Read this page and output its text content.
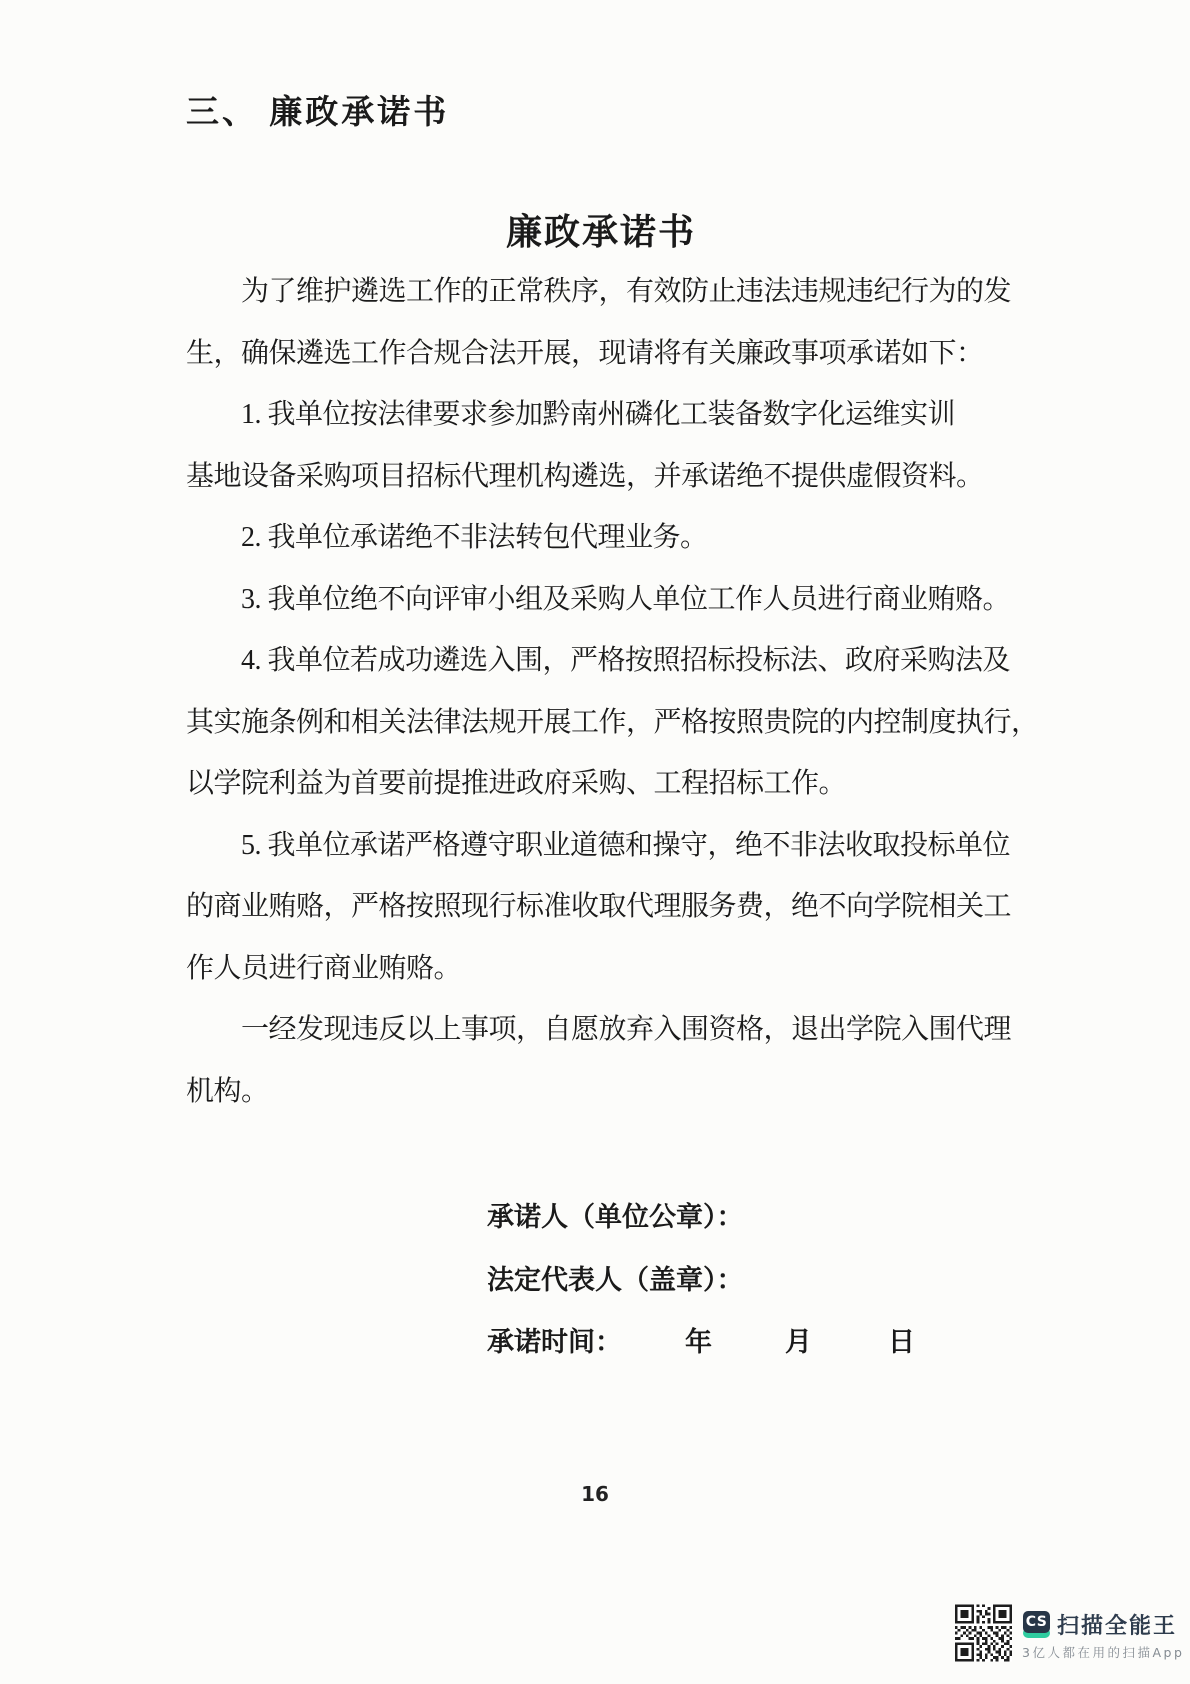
三、 廉政承诺书
廉政承诺书
　　为了维护遴选工作的正常秩序，有效防止违法违规违纪行为的发
生，确保遴选工作合规合法开展，现请将有关廉政事项承诺如下：
　　1. 我单位按法律要求参加黔南州磷化工装备数字化运维实训
基地设备采购项目招标代理机构遴选，并承诺绝不提供虚假资料。
　　2. 我单位承诺绝不非法转包代理业务。
　　3. 我单位绝不向评审小组及采购人单位工作人员进行商业贿赂。
　　4. 我单位若成功遴选入围，严格按照招标投标法、政府采购法及
其实施条例和相关法律法规开展工作，严格按照贵院的内控制度执行，
以学院利益为首要前提推进政府采购、工程招标工作。
　　5. 我单位承诺严格遵守职业道德和操守，绝不非法收取投标单位
的商业贿赂，严格按照现行标准收取代理服务费，绝不向学院相关工
作人员进行商业贿赂。
　　一经发现违反以上事项，自愿放弃入围资格，退出学院入围代理
机构。
承诺人（单位公章）：
法定代表人（盖章）：
承诺时间： 年	月	日
16
CS 扫描全能王
3亿人都在用的扫描App
